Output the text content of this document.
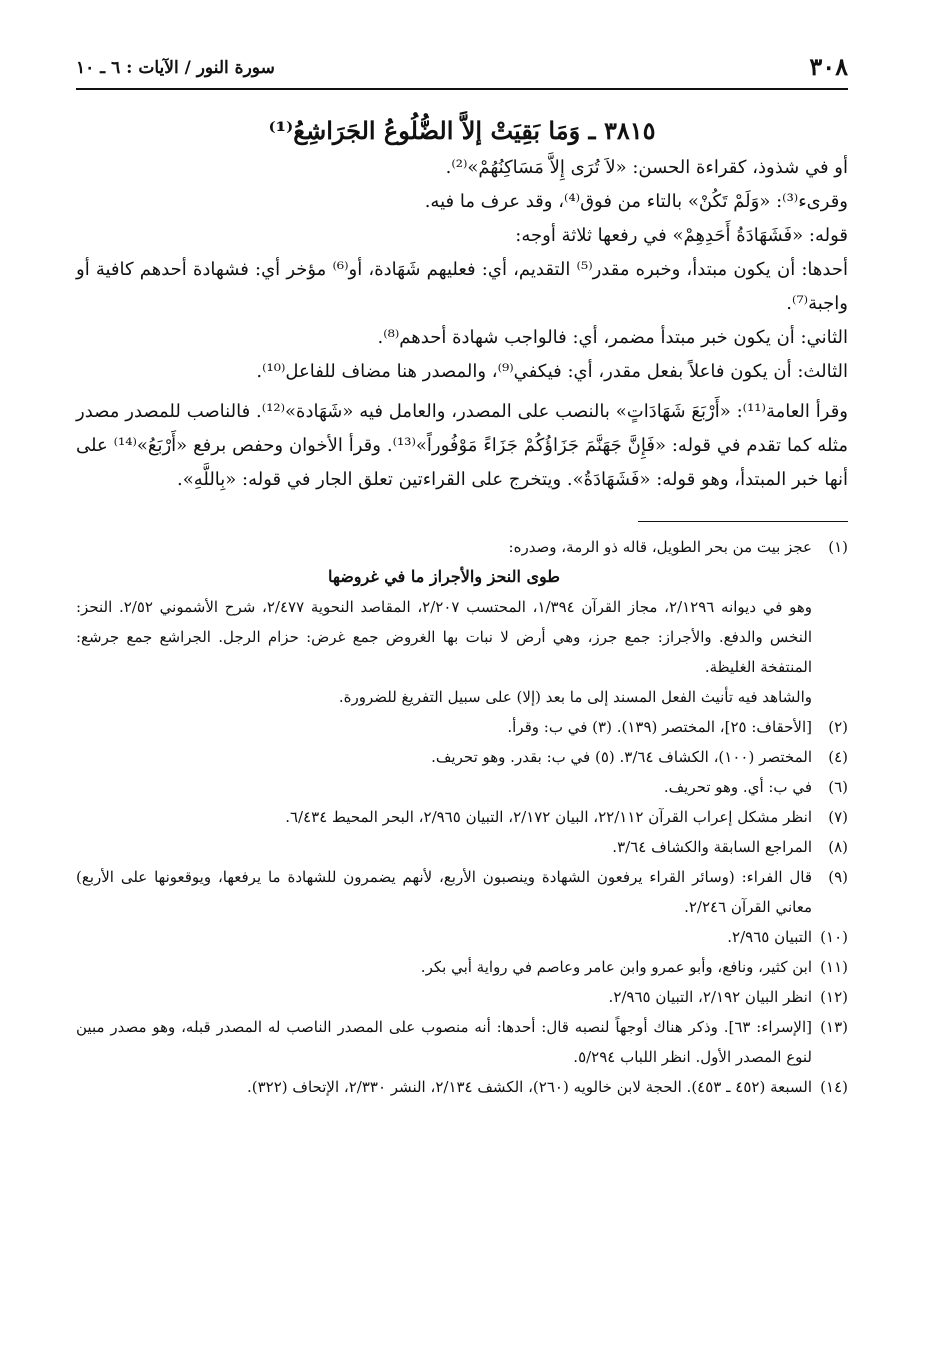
٣٠٨
سورة النور / الآيات : ٦ ـ ١٠
٣٨١٥ ـ وَمَا بَقِيَتْ إلاَّ الضُّلُوعُ الجَرَاشِعُ⁽¹⁾

أو في شذوذ، كقراءة الحسن: «لاَ تُرَى إِلاَّ مَسَاكِنُهُمْ»⁽²⁾.

وقرىء⁽³⁾: «وَلَمْ تَكُنْ» بالتاء من فوق⁽⁴⁾، وقد عرف ما فيه.

قوله: «فَشَهَادَةُ أَحَدِهِمْ» في رفعها ثلاثة أوجه:

أحدها: أن يكون مبتدأ، وخبره مقدر⁽⁵⁾ التقديم، أي: فعليهم شَهَادة، أو⁽⁶⁾ مؤخر أي: فشهادة أحدهم كافية أو واجبة⁽⁷⁾.

الثاني: أن يكون خبر مبتدأ مضمر، أي: فالواجب شهادة أحدهم⁽⁸⁾.

الثالث: أن يكون فاعلاً بفعل مقدر، أي: فيكفي⁽⁹⁾، والمصدر هنا مضاف للفاعل⁽¹⁰⁾.

وقرأ العامة⁽¹¹⁾: «أَرْبَعَ شَهَادَاتٍ» بالنصب على المصدر، والعامل فيه «شَهَادة»⁽¹²⁾. فالناصب للمصدر مصدر مثله كما تقدم في قوله: «فَإِنَّ جَهَنَّمَ جَزَاؤُكُمْ جَزَاءً مَوْفُوراً»⁽¹³⁾. وقرأ الأخوان وحفص برفع «أَرْبَعُ»⁽¹⁴⁾ على أنها خبر المبتدأ، وهو قوله: «فَشَهَادَةُ». ويتخرج على القراءتين تعلق الجار في قوله: «بِاللَّهِ».

(١)
عجز بيت من بحر الطويل، قاله ذو الرمة، وصدره:
طوى النحز والأجراز ما في غروضها
وهو في ديوانه ٢/١٢٩٦، مجاز القرآن ١/٣٩٤، المحتسب ٢/٢٠٧، المقاصد النحوية ٢/٤٧٧، شرح الأشموني ٢/٥٢. النحز: النخس والدفع. والأجراز: جمع جرز، وهي أرض لا نبات بها الغروض جمع غرض: حزام الرجل. الجراشع جمع جرشع: المنتفخة الغليظة.
والشاهد فيه تأنيث الفعل المسند إلى ما بعد (إلا) على سبيل التفريغ للضرورة.
(٢)
[الأحقاف: ٢٥]، المختصر (١٣٩). (٣) في ب: وقرأ.
(٤)
المختصر (١٠٠)، الكشاف ٣/٦٤. (٥) في ب: بقدر. وهو تحريف.
(٦)
في ب: أي. وهو تحريف.
(٧)
انظر مشكل إعراب القرآن ٢٢/١١٢، البيان ٢/١٧٢، التبيان ٢/٩٦٥، البحر المحيط ٦/٤٣٤.
(٨)
المراجع السابقة والكشاف ٣/٦٤.
(٩)
قال الفراء: (وسائر القراء يرفعون الشهادة وينصبون الأربع، لأنهم يضمرون للشهادة ما يرفعها، ويوقعونها على الأربع) معاني القرآن ٢/٢٤٦.
(١٠)
التبيان ٢/٩٦٥.
(١١)
ابن كثير، ونافع، وأبو عمرو وابن عامر وعاصم في رواية أبي بكر.
(١٢)
انظر البيان ٢/١٩٢، التبيان ٢/٩٦٥.
(١٣)
[الإسراء: ٦٣]. وذكر هناك أوجهاً لنصبه قال: أحدها: أنه منصوب على المصدر الناصب له المصدر قبله، وهو مصدر مبين لنوع المصدر الأول. انظر اللباب ٥/٢٩٤.
(١٤)
السبعة (٤٥٢ ـ ٤٥٣). الحجة لابن خالويه (٢٦٠)، الكشف ٢/١٣٤، النشر ٢/٣٣٠، الإتحاف (٣٢٢).
